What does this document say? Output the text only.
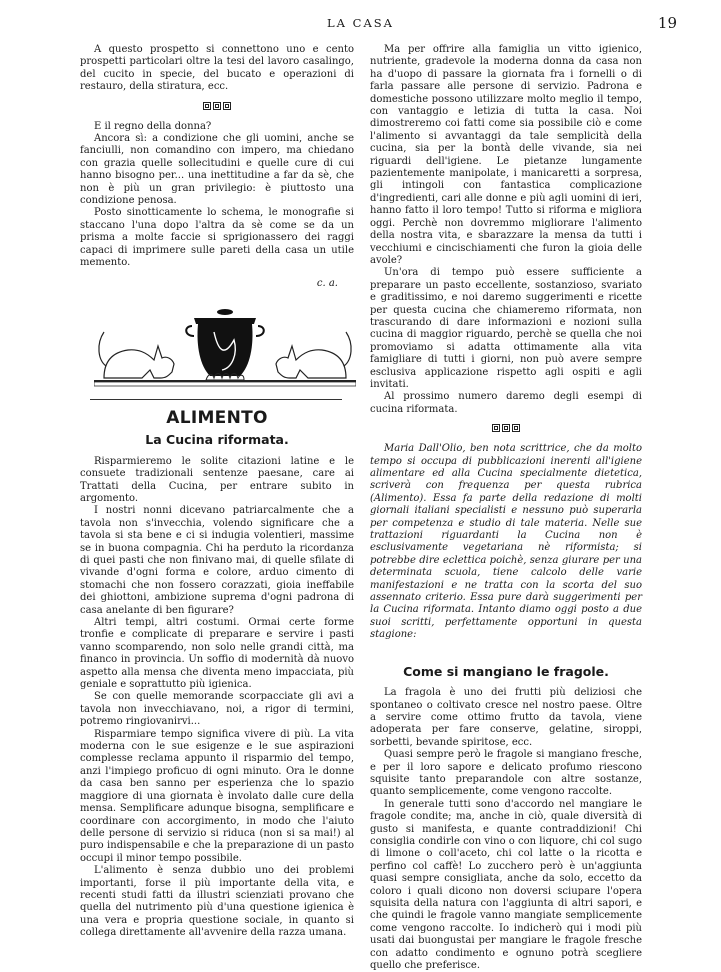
LA CASA	19

A questo prospetto si connettono uno e cento prospetti particolari oltre la tesi del lavoro casalingo, del cucito in specie, del bucato e operazioni di restauro, della stiratura, ecc.

E il regno della donna?

Ancora sì: a condizione che gli uomini, anche se fanciulli, non comandino con impero, ma chiedano con grazia quelle sollecitudini e quelle cure di cui hanno bisogno per... una inettitudine a far da sè, che non è più un gran privilegio: è piuttosto una condizione penosa.

Posto sinotticamente lo schema, le monografie si staccano l'una dopo l'altra da sè come se da un prisma a molte faccie si sprigionassero dei raggi capaci di imprimere sulle pareti della casa un utile memento.

c. a.
ALIMENTO
La Cucina riformata.

Risparmieremo le solite citazioni latine e le consuete tradizionali sentenze paesane, care ai Trattati della Cucina, per entrare subito in argomento.

I nostri nonni dicevano patriarcalmente che a tavola non s'invecchia, volendo significare che a tavola si sta bene e ci si indugia volentieri, massime se in buona compagnia. Chi ha perduto la ricordanza di quei pasti che non finivano mai, di quelle sfilate di vivande d'ogni forma e colore, arduo cimento di stomachi che non fossero corazzati, gioia ineffabile dei ghiottoni, ambizione suprema d'ogni padrona di casa anelante di ben figurare?

Altri tempi, altri costumi. Ormai certe forme tronfie e complicate di preparare e servire i pasti vanno scomparendo, non solo nelle grandi città, ma financo in provincia. Un soffio di modernità dà nuovo aspetto alla mensa che diventa meno impacciata, più geniale e soprattutto più igienica.

Se con quelle memorande scorpacciate gli avi a tavola non invecchiavano, noi, a rigor di termini, potremo ringiovanirvi...

Risparmiare tempo significa vivere di più. La vita moderna con le sue esigenze e le sue aspirazioni complesse reclama appunto il risparmio del tempo, anzi l'impiego proficuo di ogni minuto. Ora le donne da casa ben sanno per esperienza che lo spazio maggiore di una giornata è involato dalle cure della mensa. Semplificare adunque bisogna, semplificare e coordinare con accorgimento, in modo che l'aiuto delle persone di servizio si riduca (non si sa mai!) al puro indispensabile e che la preparazione di un pasto occupi il minor tempo possibile.

L'alimento è senza dubbio uno dei problemi importanti, forse il più importante della vita, e recenti studi fatti da illustri scienziati provano che quella del nutrimento più d'una questione igienica è una vera e propria questione sociale, in quanto si collega direttamente all'avvenire della razza umana.

Ma per offrire alla famiglia un vitto igienico, nutriente, gradevole la moderna donna da casa non ha d'uopo di passare la giornata fra i fornelli o di farla passare alle persone di servizio. Padrona e domestiche possono utilizzare molto meglio il tempo, con vantaggio e letizia di tutta la casa. Noi dimostreremo coi fatti come sia possibile ciò e come l'alimento si avvantaggi da tale semplicità della cucina, sia per la bontà delle vivande, sia nei riguardi dell'igiene. Le pietanze lungamente pazientemente manipolate, i manicaretti a sorpresa, gli intingoli con fantastica complicazione d'ingredienti, cari alle donne e più agli uomini di ieri, hanno fatto il loro tempo! Tutto si riforma e migliora oggi. Perchè non dovremmo migliorare l'alimento della nostra vita, e sbarazzare la mensa da tutti i vecchiumi e cincischiamenti che furon la gioia delle avole?

Un'ora di tempo può essere sufficiente a preparare un pasto eccellente, sostanzioso, svariato e graditissimo, e noi daremo suggerimenti e ricette per questa cucina che chiameremo riformata, non trascurando di dare informazioni e nozioni sulla cucina di maggior riguardo, perchè se quella che noi promoviamo si adatta ottimamente alla vita famigliare di tutti i giorni, non può avere sempre esclusiva applicazione rispetto agli ospiti e agli invitati.

Al prossimo numero daremo degli esempi di cucina riformata.

Maria Dall'Olio, ben nota scrittrice, che da molto tempo si occupa di pubblicazioni inerenti all'igiene alimentare ed alla Cucina specialmente dietetica, scriverà con frequenza per questa rubrica (Alimento). Essa fa parte della redazione di molti giornali italiani specialisti e nessuno può superarla per competenza e studio di tale materia. Nelle sue trattazioni riguardanti la Cucina non è esclusivamente vegetariana nè riformista; si potrebbe dire eclettica poichè, senza giurare per una determinata scuola, tiene calcolo delle varie manifestazioni e ne tratta con la scorta del suo assennato criterio. Essa pure darà suggerimenti per la Cucina riformata. Intanto diamo oggi posto a due suoi scritti, perfettamente opportuni in questa stagione:

Come si mangiano le fragole.

La fragola è uno dei frutti più deliziosi che spontaneo o coltivato cresce nel nostro paese. Oltre a servire come ottimo frutto da tavola, viene adoperata per fare conserve, gelatine, siroppi, sorbetti, bevande spiritose, ecc.

Quasi sempre però le fragole si mangiano fresche, e per il loro sapore e delicato profumo riescono squisite tanto preparandole con altre sostanze, quanto semplicemente, come vengono raccolte.

In generale tutti sono d'accordo nel mangiare le fragole condite; ma, anche in ciò, quale diversità di gusto si manifesta, e quante contraddizioni! Chi consiglia condirle con vino o con liquore, chi col sugo di limone o coll'aceto, chi col latte o la ricotta e perfino col caffè! Lo zucchero però è un'aggiunta quasi sempre consigliata, anche da solo, eccetto da coloro i quali dicono non doversi sciupare l'opera squisita della natura con l'aggiunta di altri sapori, e che quindi le fragole vanno mangiate semplicemente come vengono raccolte. Io indicherò qui i modi più usati dai buongustai per mangiare le fragole fresche con adatto condimento e ognuno potrà scegliere quello che preferisce.
